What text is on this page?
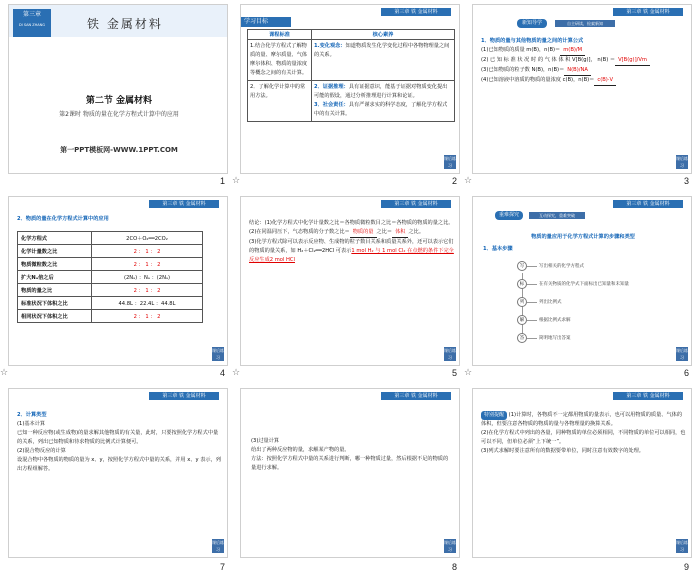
第三章
DI SAN ZHANG	铁 金属材料
第二节 金属材料
第2课时 物质的量在化学方程式计算中的应用
第一PPT模板网-WWW.1PPT.COM
1
第三章 铁 金属材料
学习目标
课程标准	核心素养
1.结合化学方程式了解物质的量、摩尔质量、气体摩尔体积、物质的量浓度等概念之间的有关计算。	1.变化观念：知道物质发生化学变化过程中各物物理量之间的关系。
2．了解化学计算中的常用方法。	2．证据推理：具有证据意识，能基于证据对物质变化提出可能的假设，通过分析推理进行计算和论证。
3．社会责任：具有严谨求实的科学态度，了解化学方程式中的有关计算。
课后练习
☆	2
第三章 铁 金属材料
新知导学	自主研读，检索新知
1．物质的量与其他物质的量之间的计算公式
(1)已知物质的质量 m(B)，n(B)＝ m(B)/M
(2) 已 知 标 准 状 况 时 的 气 体 体 积 V[B(g)]， n(B) ＝ V[B(g)]/Vm
(3)已知物质的粒子数 N(B)，n(B)＝ N(B)/NA
(4)已知溶液中溶质的物质的量浓度 c(B)，n(B)＝ c(B)·V
课后练习
☆	3
第三章 铁 金属材料
2．物质的量在化学方程式计算中的应用
化学方程式	2CO＋O₂══2CO₂
化学计量数之比	2 ： 1 ： 2
物质微粒数之比	2 ： 1 ： 2
扩大Nₐ倍之后	(2Nₐ) ：Nₐ ：(2Nₐ)
物质的量之比	2 ： 1 ： 2
标准状况下体积之比	44.8L ：22.4L ：44.8L
相同状况下体积之比	2 ： 1 ： 2
课后练习
☆	4
第三章 铁 金属材料
结论：(1)化学方程式中化学计量数之比＝各物质微粒数目之比＝各物质的物质的量之比。
(2)在同温同压下，气态物质的分子数之比＝ 物质的量 之比＝ 体积 之比。
(3)化学方程式除可以表示反应物、生成物的粒子数目关系和质量关系外，还可以表示它们的物质的量关系，如 H₂＋Cl₂══2HCl 可表示1 mol H₂ 与 1 mol Cl₂ 在点燃的条件下完全反应生成2 mol HCl
课后练习
☆	5
第三章 铁 金属材料
重难探究	互动探究，重难突破
物质的量应用于化学方程式计算的步骤和类型
1．基本步骤
写	写出相关的化学方程式
标	在有关物质的化学式下面标出已知量和未知量
列	列出比例式
解	根据比例式求解
答	简明地写出答案
课后练习
☆	6
第三章 铁 金属材料
2．计算类型
(1)基本计算
已知一种反应物(或生成物)的量求解其他物质的有关量，此时，只要按照化学方程式中量的关系，列出已知物质和待求物质的比例式计算便可。
(2)混合物反应的计算
设混合物中各物质的物质的量为 x、y，按照化学方程式中量的关系，并用 x、y 表示，列出方程组解答。
课后练习
7
第三章 铁 金属材料
(3)过量计算
给出了两种反应物的量，求解某产物的量。
方法：按照化学方程式中量的关系进行判断，哪一种物质过量，然后根据不足的物质的量进行求解。
课后练习
8
第三章 铁 金属材料
特别提醒 (1)计算时，各物质不一定都用物质的量表示，也可以用物质的质量、气体的体积，但要注意各物质的物质的量与各物理量的换算关系。
(2)在化学方程式中列出的各量，同种物质的单位必须相同，不同物质的单位可以相同，也可以不同，但单位必须“上下统一”。
(3)列式求解时要注意所有的数据要带单位，同时注意有效数字的处理。
课后练习
9
